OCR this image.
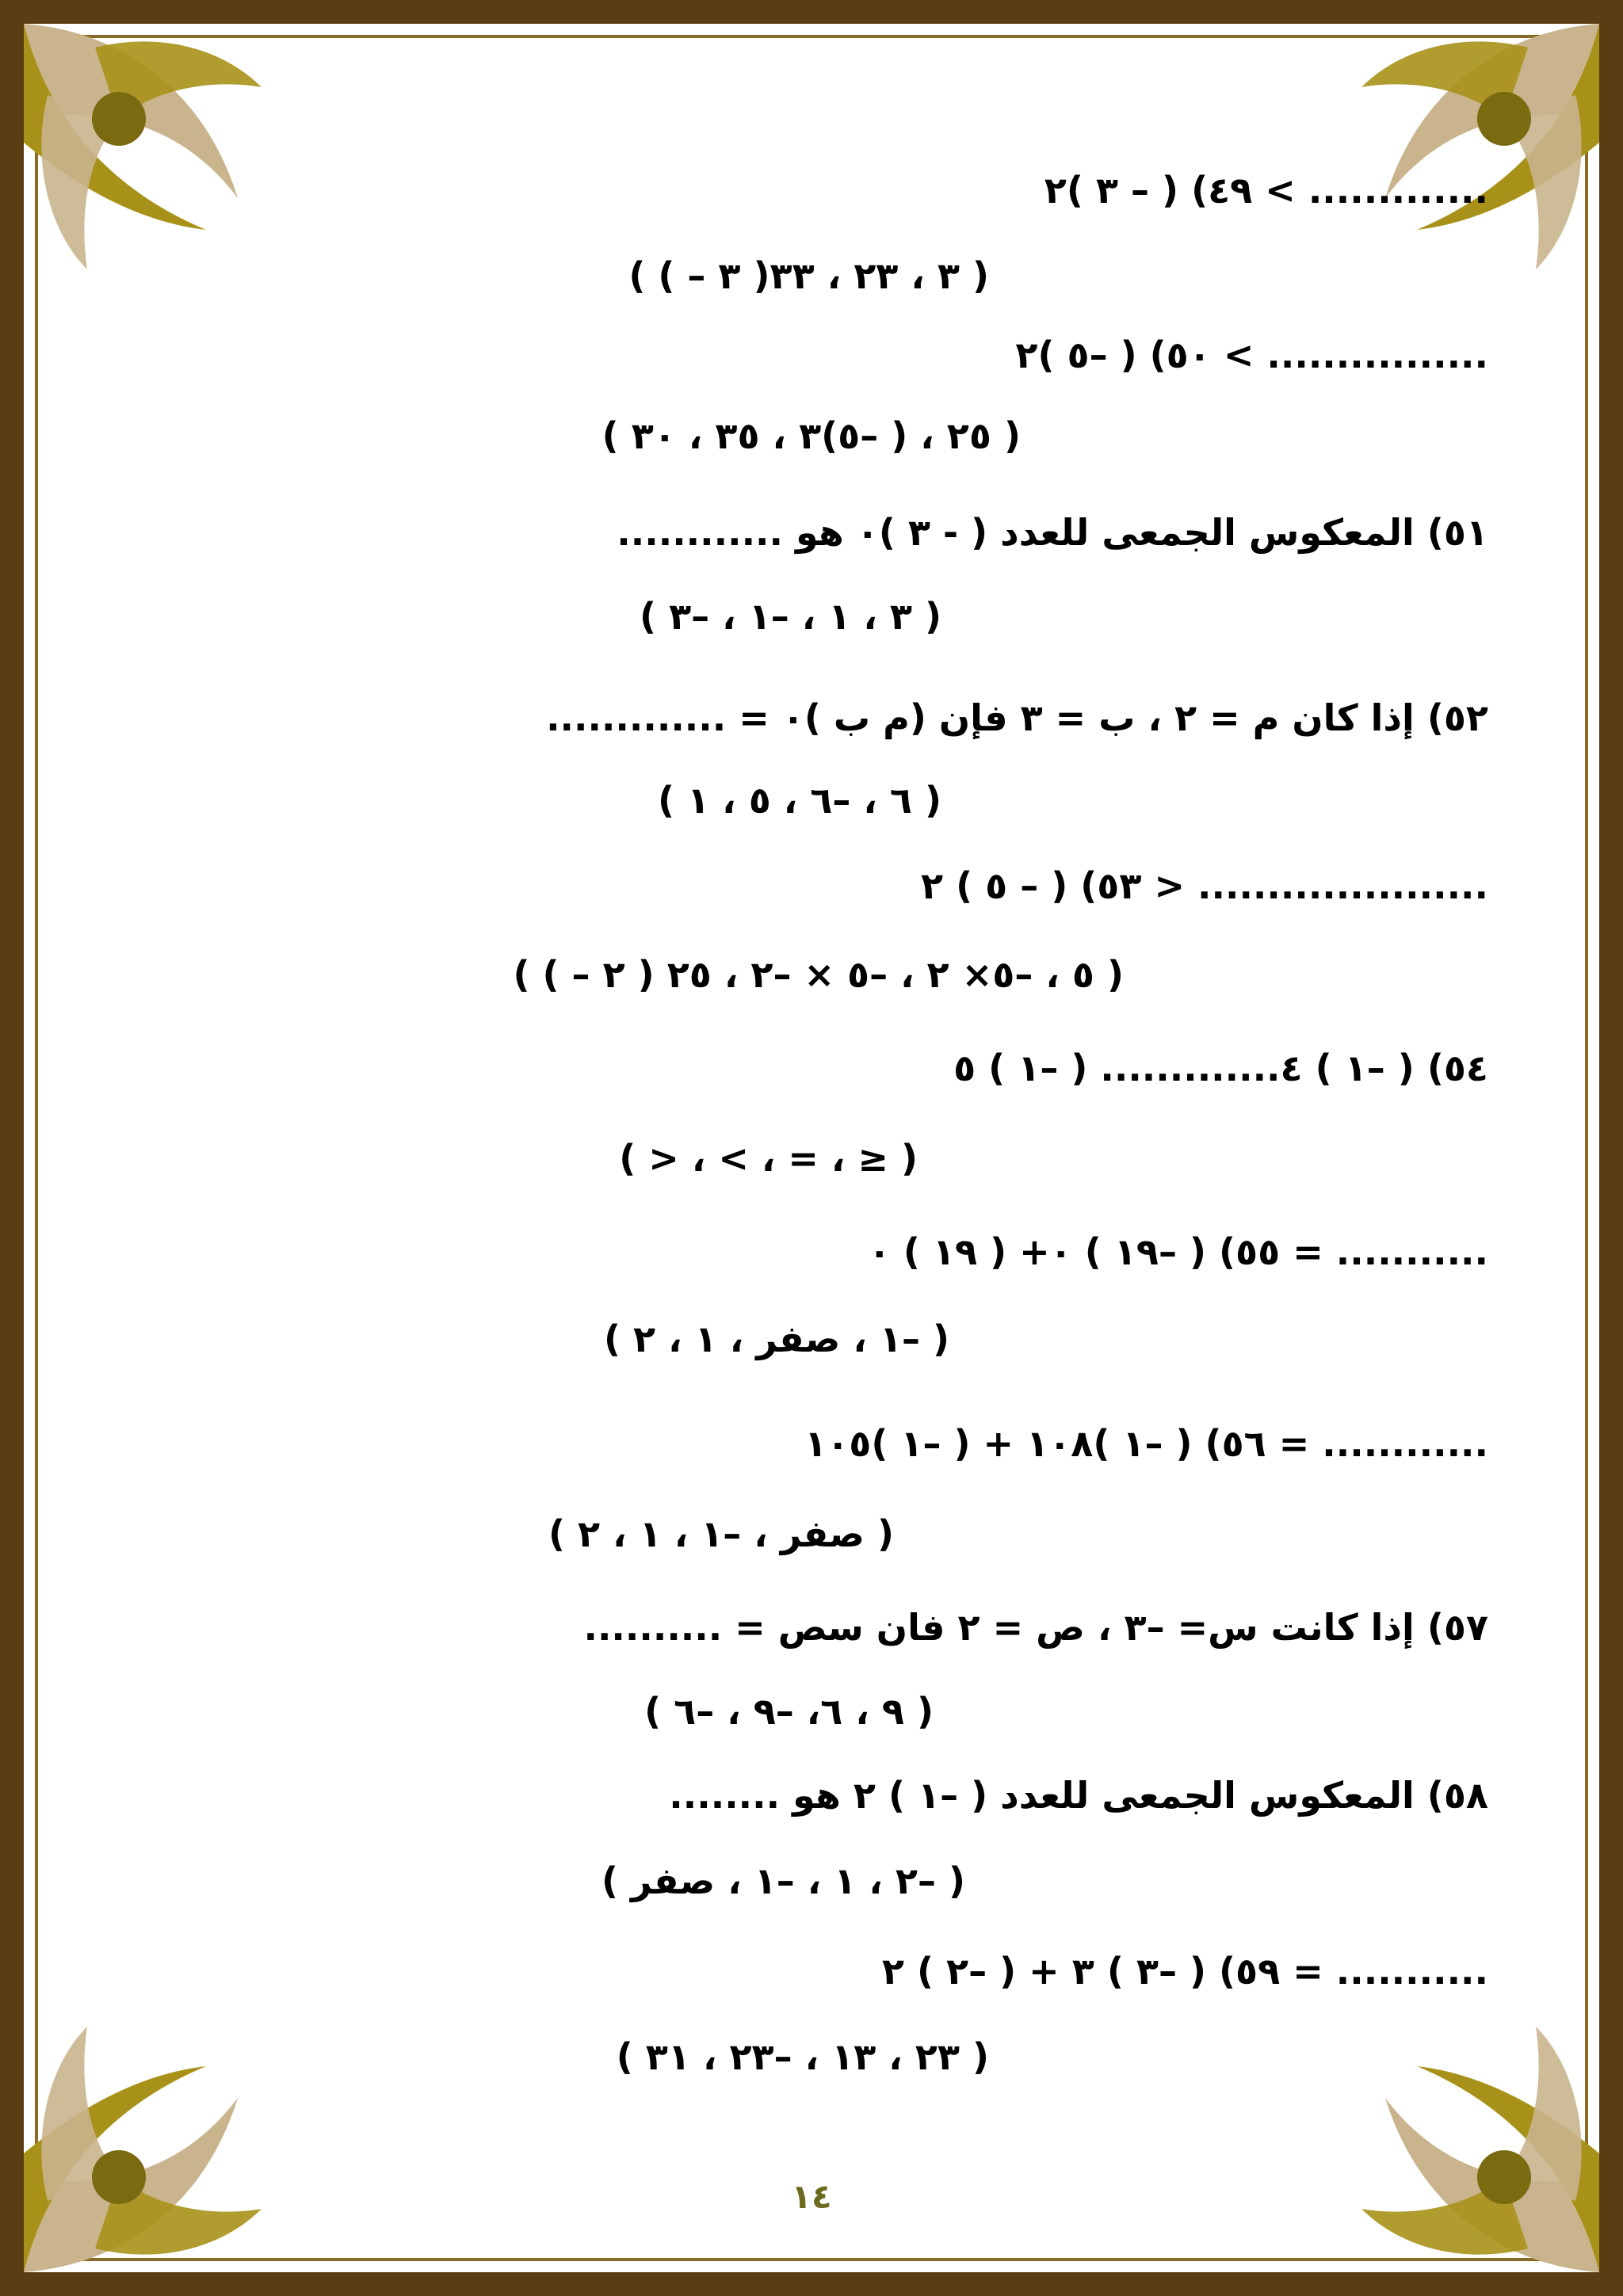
٤٩) ( – ٣ )٢ < .............
( ( – ٣ )٣ ، ٢٣ ، ٣٣ )
٥٠) ( –٥ )٢ < ................
( ٢٥ ، ( –٥)٣ ، ٣٥ ، ٣٠ )
٥١) المعكوس الجمعى للعدد ( - ٣ )٠ هو ............
( ٣ ، ١ ، –١ ، –٣ )
٥٢) إذا كان ﻡ = ٢ ، ب = ٣ فإن (ﻡ ب )٠ = .............
( ٦ ، –٦ ، ٥ ، ١ )
٥٣) ( – ٥ ) ٢ > .....................
( ( – ٢ ) ٥ ، –٥× ٢ ، –٥ × –٢ ، ٢٥ )
٥٤) ( –١ ) ٤............. ( –١ ) ٥
( > ، < ، = ، ≥ )
٥٥) ( –١٩ ) ٠+ ( ١٩ ) ٠ = ...........
( –١ ، صفر ، ١ ، ٢ )
٥٦) ( –١ )١٠٨ + ( –١ )١٠٥ = ............
( صفر ، –١ ، ١ ، ٢ )
٥٧) إذا كانت س= –٣ ، ص = ٢ فان سص = ..........
( ٩ ، ٦، –٩ ، –٦ )
٥٨) المعكوس الجمعى للعدد ( –١ ) ٢ هو ........
( –٢ ، ١ ، –١ ، صفر )
٥٩) ( –٣ ) ٣ + ( –٢ ) ٢ = ...........
( ٢٣ ، ١٣ ، –٢٣ ، ٣١ )
١٤
